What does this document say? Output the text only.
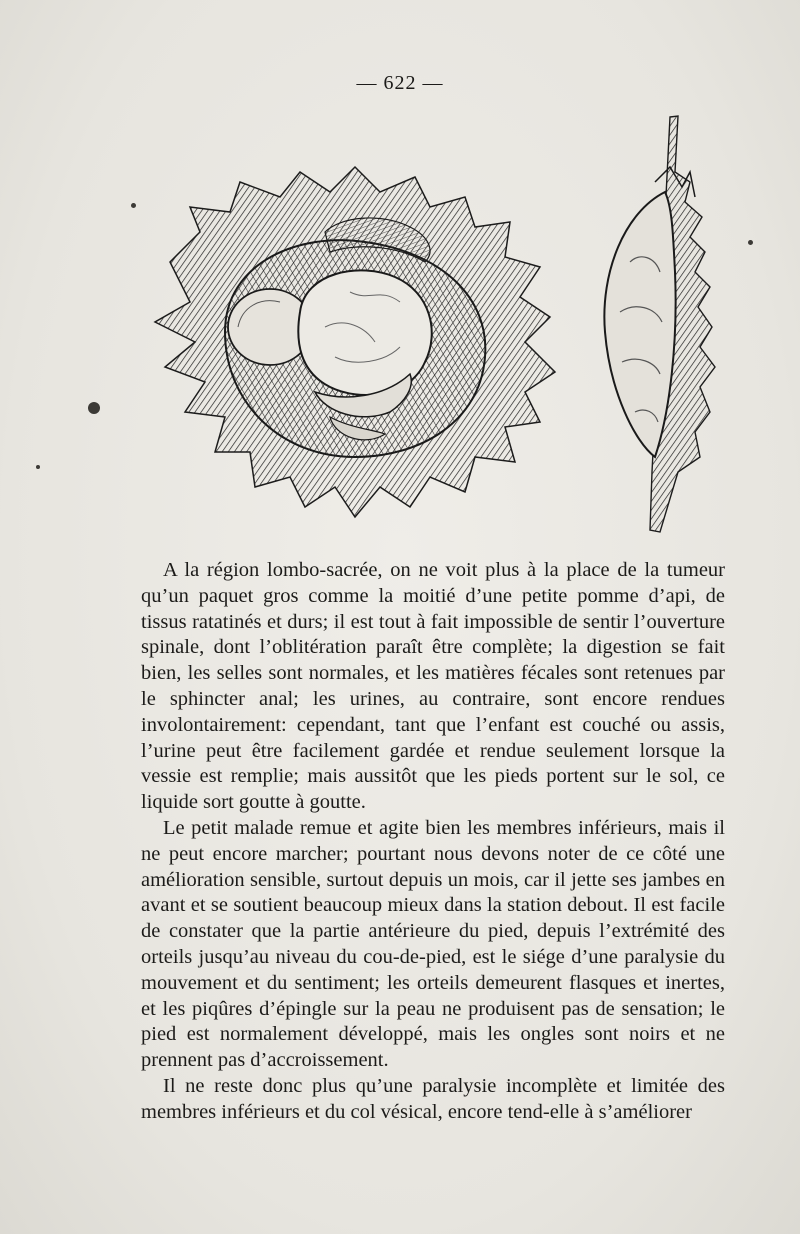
— 622 —

A la région lombo-sacrée, on ne voit plus à la place de la tumeur qu’un paquet gros comme la moitié d’une petite pomme d’api, de tissus ratatinés et durs; il est tout à fait impossible de sentir l’ouverture spinale, dont l’oblitération paraît être complète; la digestion se fait bien, les selles sont normales, et les matières fécales sont retenues par le sphincter anal; les urines, au contraire, sont encore rendues involontairement: cependant, tant que l’enfant est couché ou assis, l’urine peut être facilement gardée et rendue seulement lorsque la vessie est remplie; mais aussitôt que les pieds portent sur le sol, ce liquide sort goutte à goutte.

Le petit malade remue et agite bien les membres inférieurs, mais il ne peut encore marcher; pourtant nous devons noter de ce côté une amélioration sensible, surtout depuis un mois, car il jette ses jambes en avant et se soutient beaucoup mieux dans la station debout. Il est facile de constater que la partie antérieure du pied, depuis l’extrémité des orteils jusqu’au niveau du cou-de-pied, est le siége d’une paralysie du mouvement et du sentiment; les orteils demeurent flasques et inertes, et les piqûres d’épingle sur la peau ne produisent pas de sensation; le pied est normalement développé, mais les ongles sont noirs et ne prennent pas d’accroissement.

Il ne reste donc plus qu’une paralysie incomplète et limitée des membres inférieurs et du col vésical, encore tend-elle à s’améliorer
